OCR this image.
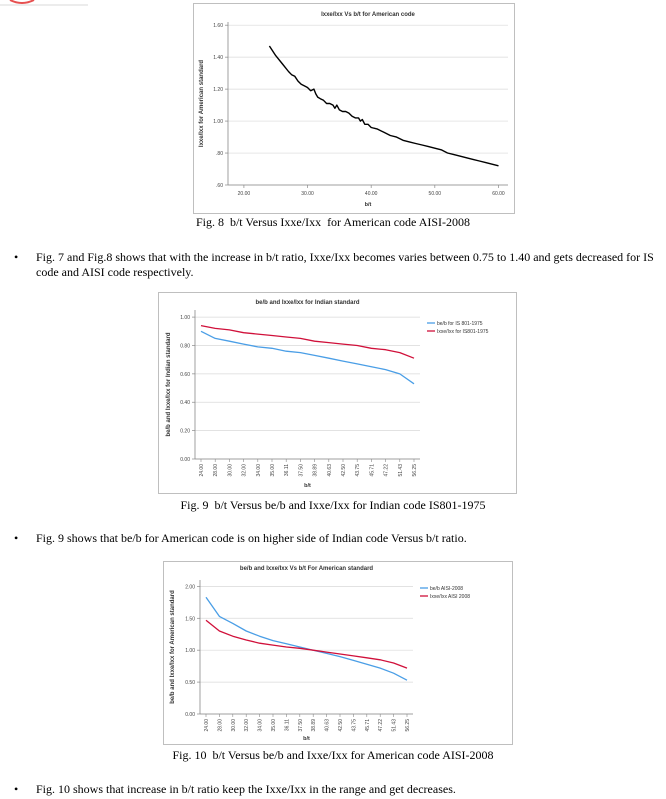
Ixxe/Ixx Vs b/t for American code
.60
.80
1.00
1.20
1.40
1.60
b/t
Ixxe/Ixx for American standard
20.00	30.00	40.00	50.00	60.00
Fig. 8  b/t Versus Ixxe/Ixx  for American code AISI-2008
• Fig. 7 and Fig.8 shows that with the increase in b/t ratio, Ixxe/Ixx becomes varies between 0.75 to 1.40 and gets decreased for IS code and AISI code respectively.
be/b and Ixxe/Ixx for Indian standard
0.00
0.20
0.40
0.60
0.80
1.00
b/t
be/b and Ixxe/Ixx for Indian standard
24.00 28.00 30.00 32.00 34.00 35.00 36.11 37.50 38.89 40.63 42.50 43.75 45.71 47.22 51.43 56.25
be/b for IS 801-1975
Ixxe/Ixx for IS801-1975
Fig. 9  b/t Versus be/b and Ixxe/Ixx for Indian code IS801-1975
• Fig. 9 shows that be/b for American code is on higher side of Indian code Versus b/t ratio.
be/b and Ixxe/Ixx Vs b/t For American standard
0.00
0.50
1.00
1.50
2.00
b/t
be/b and Ixxe/Ixx for American standard
24.00 28.00 30.00 32.00 34.00 35.00 36.11 37.50 38.89 40.63 42.50 43.75 45.71 47.22 51.43 56.25
be/b AISI-2008
Ixxe/Ixx AISI 2008
Fig. 10  b/t Versus be/b and Ixxe/Ixx for American code AISI-2008
• Fig. 10 shows that increase in b/t ratio keep the Ixxe/Ixx in the range and get decreases.
